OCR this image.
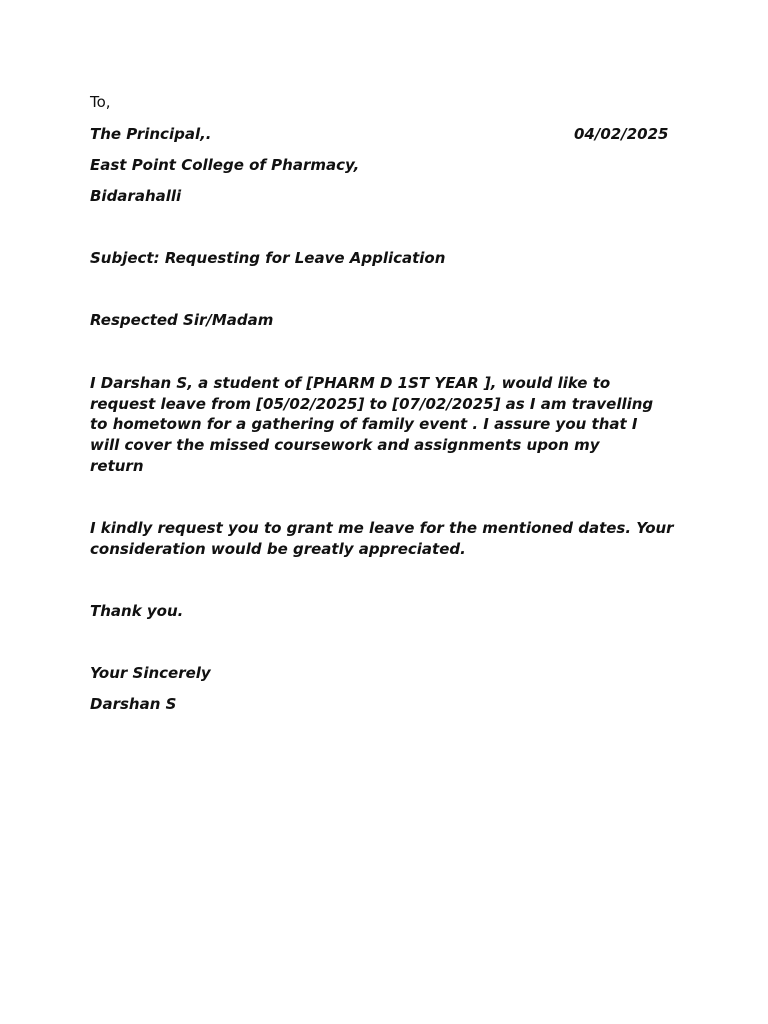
To,
The Principal,.	04/02/2025
East Point College of Pharmacy,
Bidarahalli
Subject: Requesting for Leave Application
Respected Sir/Madam
I Darshan S, a student of [PHARM D 1ST YEAR ], would like to
request leave from [05/02/2025] to [07/02/2025] as I am travelling
to hometown for a gathering of family event . I assure you that I
will cover the missed coursework and assignments upon my
return
I kindly request you to grant me leave for the mentioned dates. Your
consideration would be greatly appreciated.
Thank you.
Your Sincerely
Darshan S
